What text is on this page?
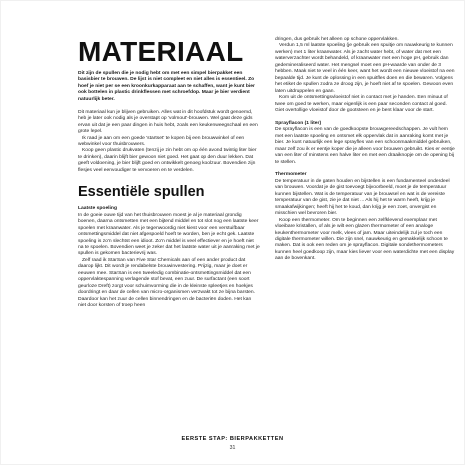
MATERIAAL

Dit zijn de spullen die je nodig hebt om met een simpel bierpakket een basisbier te brouwen. De lijst is niet compleet en niet alles is essentieel. Zo hoef je niet per se een kroonkurkapparaat aan te schaffen, want je kunt bier ook bottelen in plastic drinkflessen met schroefdop. Maar je bier verdient natuurlijk beter.

Dit materiaal kun je blijven gebruiken. Alles wat in dit hoofdstuk wordt genoemd, heb je later ook nodig als je overstapt op 'volmout'-brouwen. Wel gaat deze gids ervan uit dat je een paar dingen in huis hebt, zoals een keukenweegschaal en een grote lepel.

Ik raad je aan om een goede 'startset' te kopen bij een brouwwinkel of een webwinkel voor thuisbrouwers.

Koop geen plastic drukvaten (tenzij je zin hebt om op één avond twintig liter bier te drinken), daarin blijft bier gewoon niet goed. Het gaat op den duur lekken. Dat geeft voldoening, je bier blijft goed en ontwikkelt genoeg koolzuur. Bovendien zijn flesjes veel eenvoudiger te vervoeren en te verdelen.

Essentiële spullen

Laatste spoeling

In de goeie ouwe tijd van het thuisbrouwen moest je al je materiaal grondig boenen, daarna ontsmetten met een bijtend middel en tot slot nog een laatste keer spoelen met kraanwater. Als je tegenwoordig niet kiest voor een verstuifbaar ontsmettingsmiddel dat niet afgespoeld hoeft te worden, ben je echt gek. Laatste spoeling is zo'n slechtst een idioot. Zo'n middel is veel effectiever en je hoeft niet na te spoelen. Bovendien weet je zeker dat het laatste water uit je aanraking met je spullen is gekomen bacterievrij was.

Zelf raad ik StarSan van Five Star Chemicals aan of een ander product dat daarop lijkt. Dit wordt je rendabelste brouwinvestering. Prijzig, maar je doet er eeuwen mee. StarSan is een tweeledig combinatie-ontsmettingsmiddel dat een oppervlaktespanning verlagende stof bevat, een zuur. De surfactant (een soort geurloze Dreft) zorgt voor schuimvorming die in de kleinste spleetjes en hoekjes doordringt en daar de cellen van micro-organismen verzwakt tot ze bijna barsten. Daardoor kan het zuur de cellen binnendringen en de bacteriën doden. Het kan niet door korsten of troep heen

dringen, dus gebruik het alleen op schone oppervlakken.

Verdun 1,5 ml laatste spoeling (je gebruik een spuitje om nauwkeurig te kunnen werken) met 1 liter kraanwater. Als je zacht water hebt, of water dat met een waterverzachter wordt behandeld, of kraanwater met een hoge pH, gebruik dan gedemineraliseerd water. Het mengsel moet een pH-waarde van onder de 3 hebben. Maak niet te veel in één keer, want het wordt een nieuwe vloeistof na een bepaalde tijd. Je kunt de oplossing in een spuitfles doen en die bewaren. Volgens het etiket de spullen zodra ze droog zijn, je hoeft niet af te spoelen. Gewoon even laten uitdruppelen en gaan.

Kom uit de ontsmettingsvloeistof niet in contact met je handen. Een minuut of twee om goed te werken, maar eigenlijk is een paar seconden contact al goed. Giet overtollige vloeistof door de gootsteen en je bent klaar voor de start.

Sprayflacon (1 liter)

De sprayflacon is een van de goedkoopste brouwgereedschappen. Je vult hem met een laatste spoeling en ontsmet elk oppervlak dat in aanraking komt met je bier. Je kunt natuurlijk een lege sprayfles van een schoonmaakmiddel gebruiken, maar zelf zou ik er eentje koper die je alleen voor brouwen gebruikt. Kies er eentje van een liter of minstens een halve liter en met een draaiknopje om de opening bij te stellen.

Thermometer

De temperatuur in de gaten houden en bijstellen is een fundamenteel onderdeel van brouwen. Voordat je de gist toevoegt bijvoorbeeld, moet je de temperatuur kunnen bijstellen. Wat is de temperatuur van je brouwsel en wat is de vereiste temperatuur van de gist, zie je dat niet ... Als hij het te warm heeft, krijg je smaakafwijkingen; heeft hij het te koud, dan krijg je een zoet, onvergist en misschien wel bevroren bier.

Koop een thermometer. Om te beginnen een zelfklevend exemplaar met vloeibare kristallen, of als je wilt een glazen thermometer of een analoge keukenthermometer voor melk, vlees of jam. Maar uiteindelijk zul je toch een digitale thermometer willen. Die zijn snel, nauwkeurig en gemakkelijk schoon te maken. Dat is ook een reden om je sprayflacon. Digitale sondethermometers kunnen heel goedkoop zijn, maar kies liever voor een waterdichte met een display aan de bovenkant.

EERSTE STAP: BIERPAKKETTEN
31
